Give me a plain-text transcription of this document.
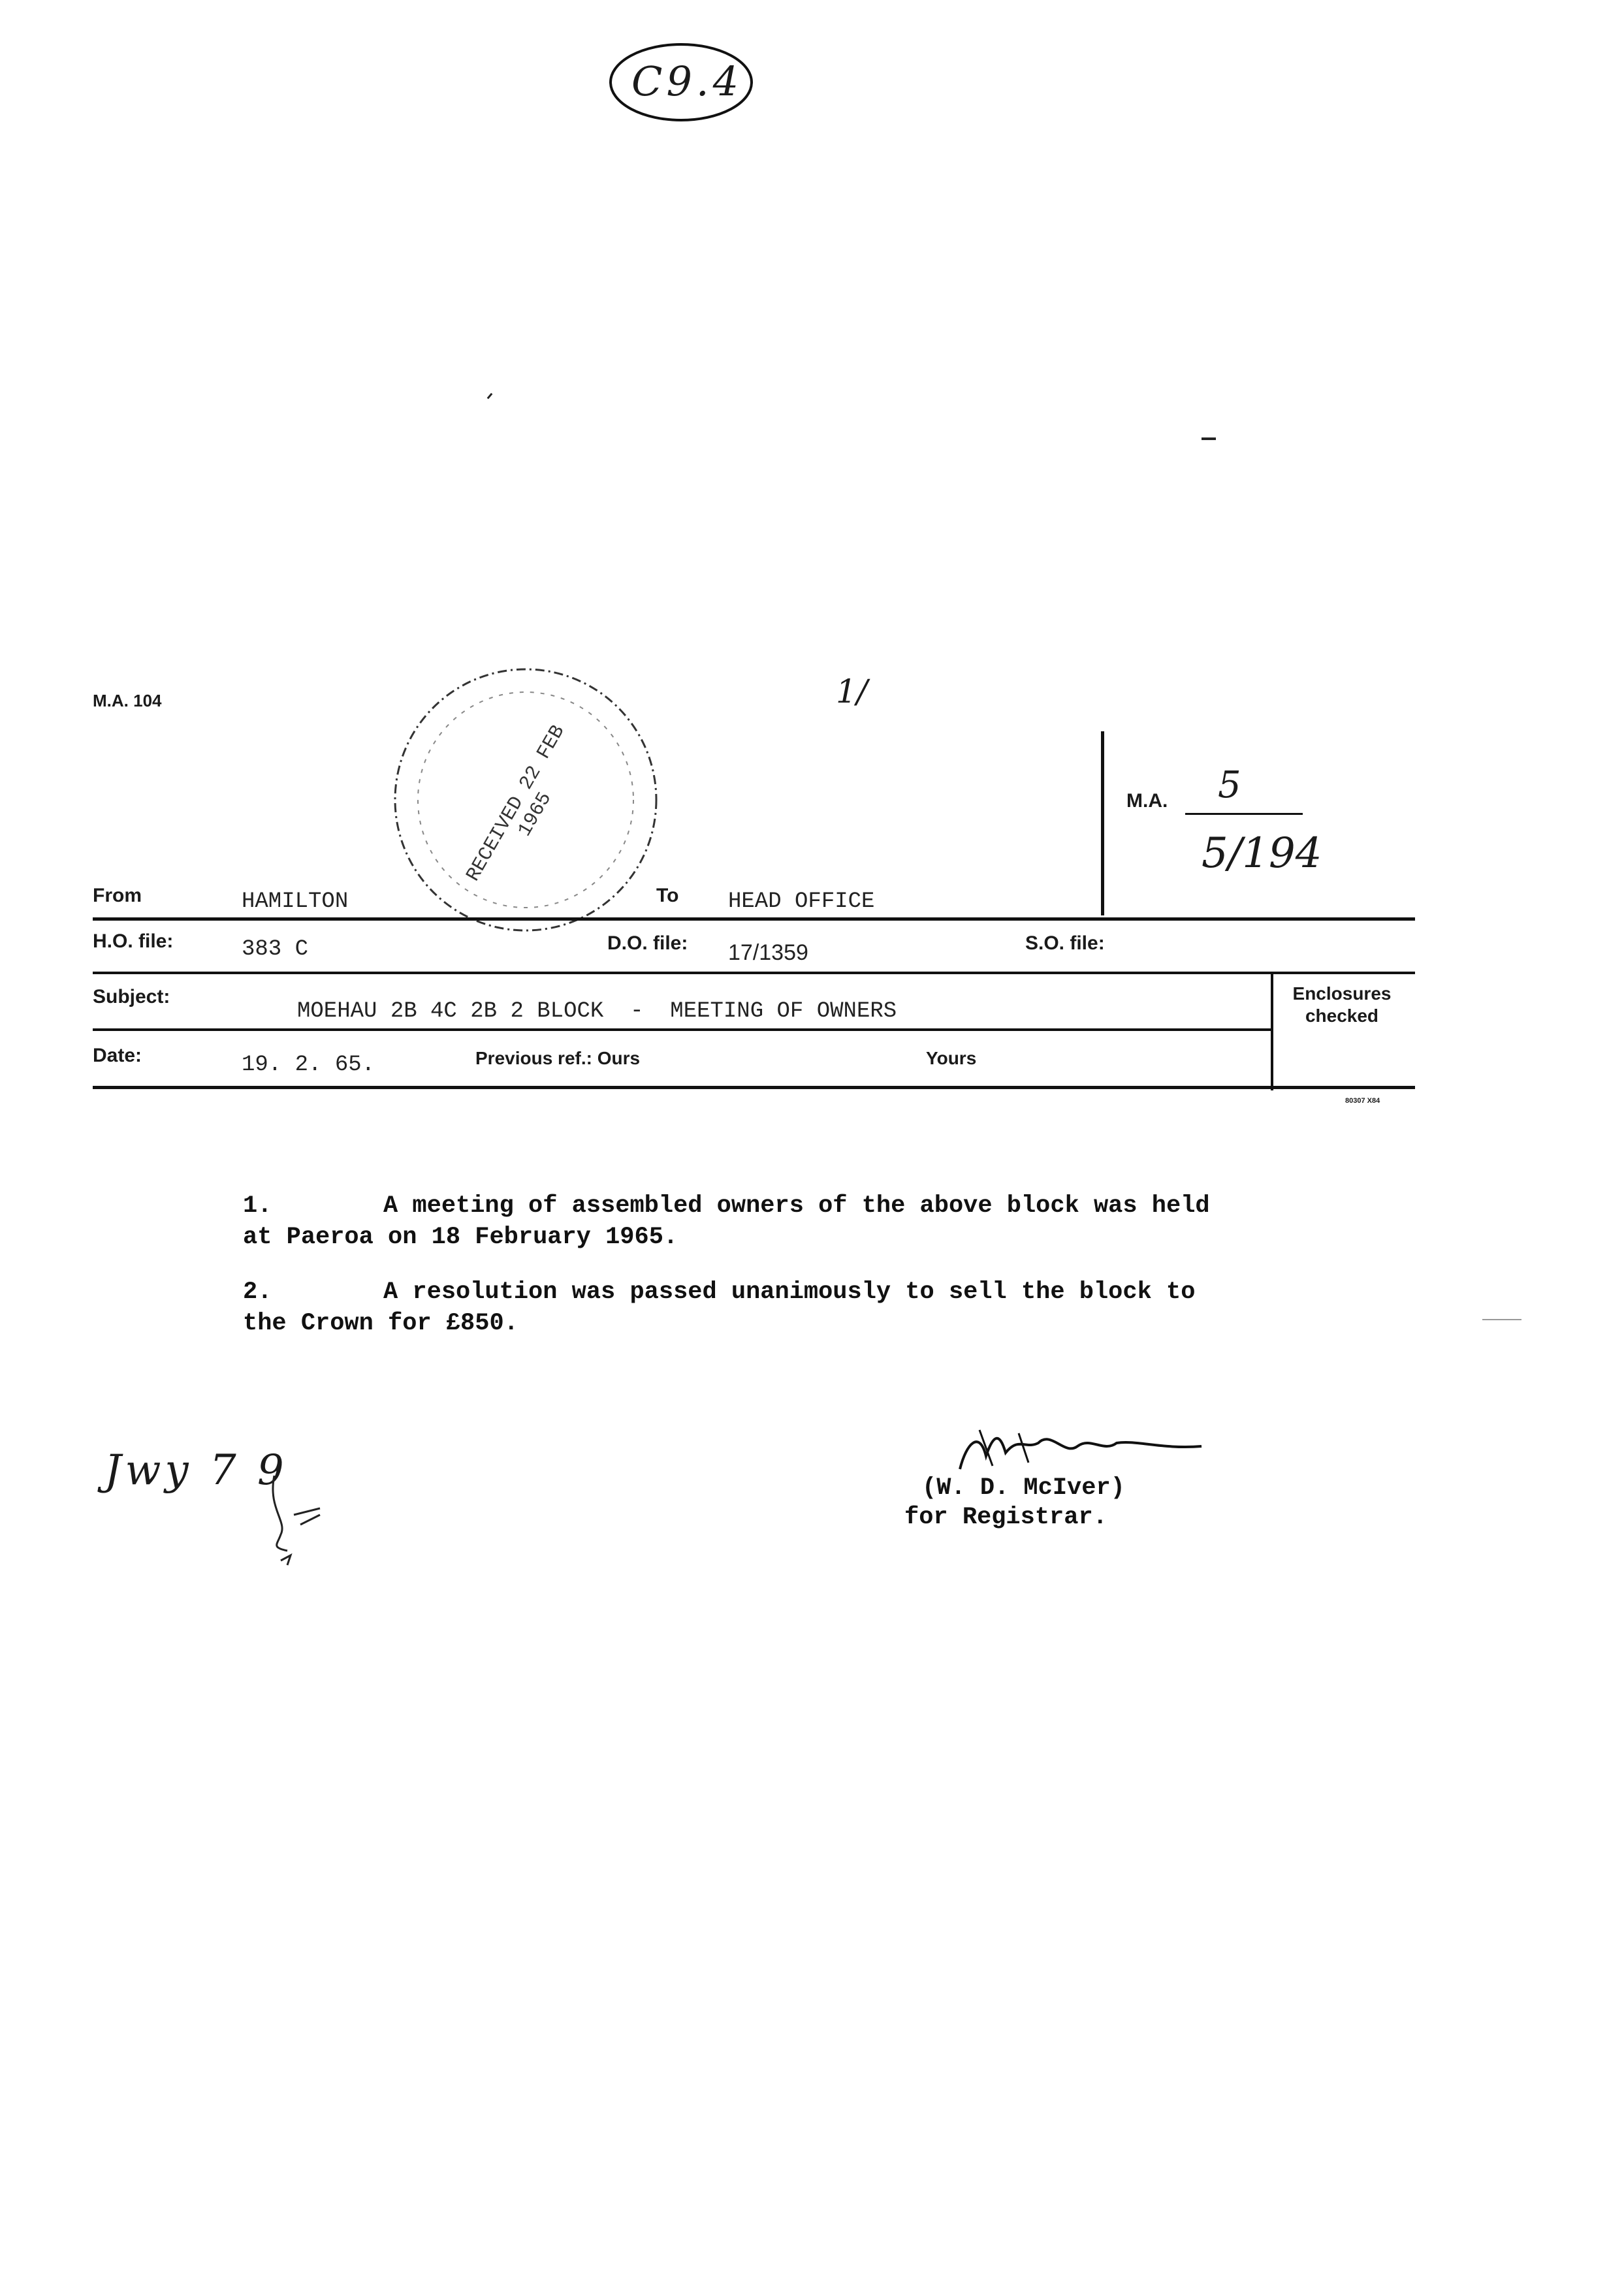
C9.4
M.A. 104	1/
RECEIVED 22 FEB 1965	M.A. 5
5/194
From	HAMILTON	To HEAD OFFICE
H.O. file:	383 C	D.O. file: 17/1359	S.O. file:
Enclosures checked
Subject:
MOEHAU 2B 4C 2B 2 BLOCK  -  MEETING OF OWNERS
Date:	19. 2. 65.	Previous ref.: Ours	Yours
80307 X84
1.	A meeting of assembled owners of the above block was held
at Paeroa on 18 February 1965.
2.	A resolution was passed unanimously to sell the block to
the Crown for £850.
Jwy 7 9	(W. D. McIver)
for Registrar.
